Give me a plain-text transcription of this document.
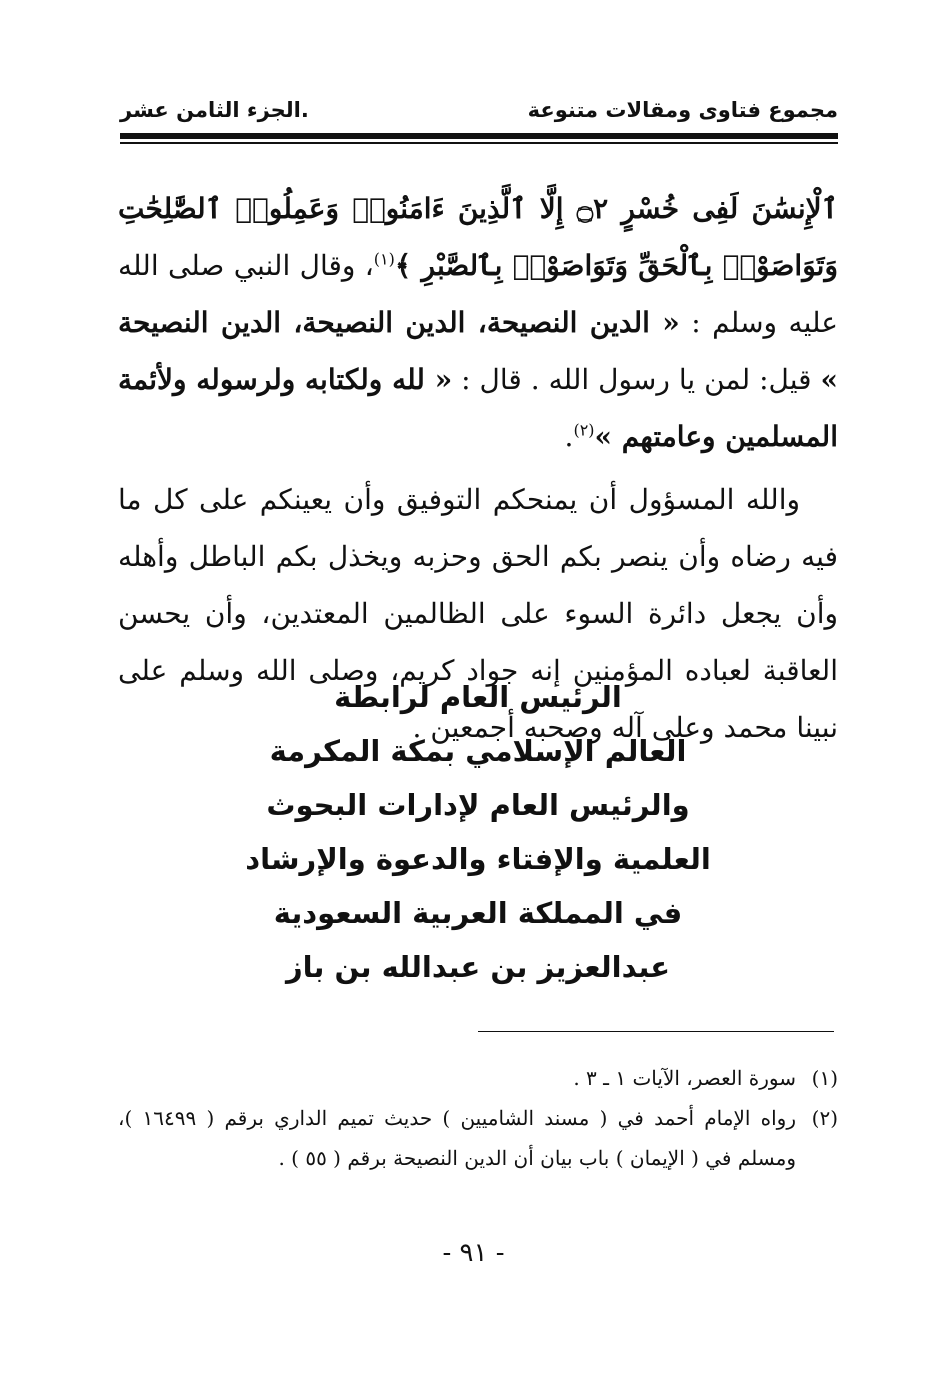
مجموع فتاوى ومقالات متنوعة
.الجزء الثامن عشر

ٱلْإِنسَٰنَ لَفِى خُسْرٍ ۝٢ إِلَّا ٱلَّذِينَ ءَامَنُوا۟ وَعَمِلُوا۟ ٱلصَّٰلِحَٰتِ وَتَوَاصَوْا۟ بِٱلْحَقِّ وَتَوَاصَوْا۟ بِٱلصَّبْرِ ﴾$^{(١)}$، وقال النبي صلى الله عليه وسلم : « الدين النصيحة، الدين النصيحة، الدين النصيحة » قيل: لمن يا رسول الله . قال : « لله ولكتابه ولرسوله ولأئمة المسلمين وعامتهم »$^{(٢)}$.

والله المسؤول أن يمنحكم التوفيق وأن يعينكم على كل ما فيه رضاه وأن ينصر بكم الحق وحزبه ويخذل بكم الباطل وأهله وأن يجعل دائرة السوء على الظالمين المعتدين، وأن يحسن العاقبة لعباده المؤمنين إنه جواد كريم، وصلى الله وسلم على نبينا محمد وعلى آله وصحبه أجمعين .

الرئيس العام لرابطة
العالم الإسلامي بمكة المكرمة
والرئيس العام لإدارات البحوث
العلمية والإفتاء والدعوة والإرشاد
في المملكة العربية السعودية
عبدالعزيز بن عبدالله بن باز
(١)
سورة العصر، الآيات ١ ـ ٣ .
(٢)
رواه الإمام أحمد في ( مسند الشاميين ) حديث تميم الداري برقم ( ١٦٤٩٩ )، ومسلم في ( الإيمان ) باب بيان أن الدين النصيحة برقم ( ٥٥ ) .
- ٩١ -
